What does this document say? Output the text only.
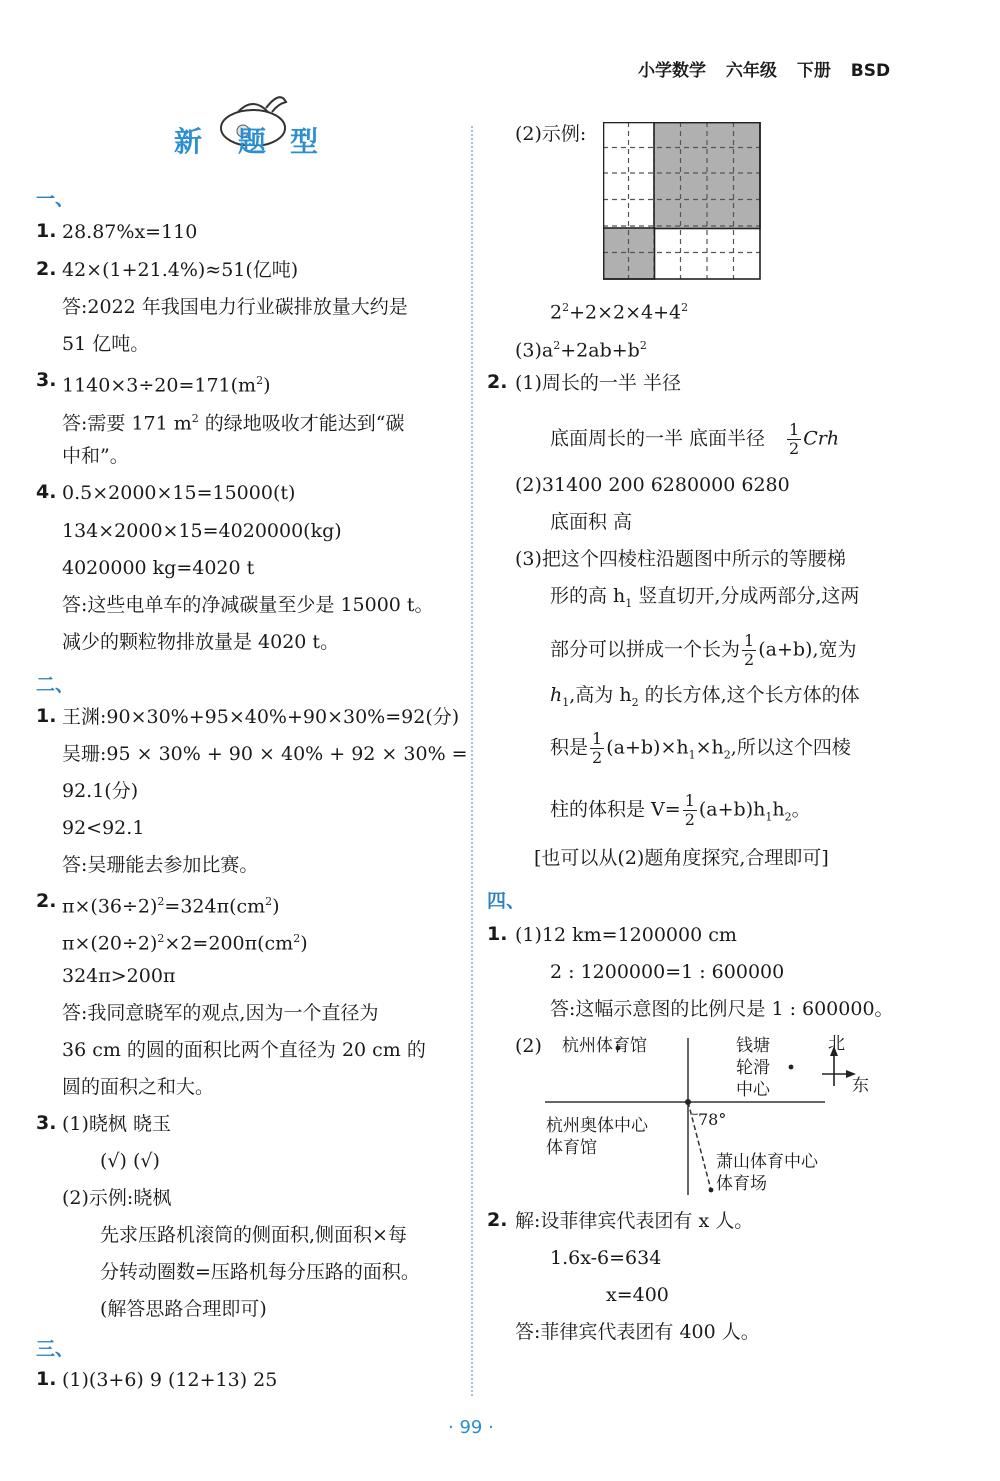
小学数学 六年级 下册 BSD
新 题 型
一、
1. 28.87%x=110
2. 42×(1+21.4%)≈51(亿吨)
答:2022 年我国电力行业碳排放量大约是
51 亿吨。
3. $1140\times 3\div 20=171(m^2)$
答:需要 171 $m^2$ 的绿地吸收才能达到“碳
中和”。
4. 0.5×2000×15=15000(t)
134×2000×15=4020000(kg)
4020000 kg=4020 t
答:这些电单车的净减碳量至少是 15000 t。
减少的颗粒物排放量是 4020 t。
二、
1. 王渊:90×30%+95×40%+90×30%=92(分)
吴珊:95 × 30% + 90 × 40% + 92 × 30% =
92.1(分)
92<92.1
答:吴珊能去参加比赛。
2. $\pi\times(36\div 2)^2=324\pi(cm^2)$
$\pi\times(20\div 2)^2\times 2=200\pi(cm^2)$
324π>200π
答:我同意晓军的观点,因为一个直径为
36 cm 的圆的面积比两个直径为 20 cm 的
圆的面积之和大。
3. (1)晓枫 晓玉
(√) (√)
(2)示例:晓枫
先求压路机滚筒的侧面积,侧面积×每
分转动圈数=压路机每分压路的面积。
(解答思路合理即可)
三、
1. (1)(3+6) 9 (12+13) 25
(2)示例:
$2^2+2\times 2\times 4+4^2$
$(3)a^2+2ab+b^2$
2. (1)周长的一半 半径
底面周长的一半 底面半径 $\frac{1}{2}$ Crh
(2)31400 200 6280000 6280
底面积 高
(3)把这个四棱柱沿题图中所示的等腰梯
形的高 $h_1$ 竖直切开,分成两部分,这两
部分可以拼成一个长为 $\frac{1}{2} (a+b)$,宽为
$h_1$,高为 $h_2$ 的长方体,这个长方体的体
积是 $\frac{1}{2} (a+b)\times h_1\times h_2$,所以这个四棱
柱的体积是 $V= \frac{1}{2} (a+b)h_1h_2$。
[也可以从(2)题角度探究,合理即可]
四、
1. (1)12 km=1200000 cm
2 : 1200000=1 : 600000
答:这幅示意图的比例尺是 1 : 600000。
(2) 杭州体育馆	钱塘
轮滑
中心
北
东
杭州奥体中心
体育馆
78°
萧山体育中心
体育场
2. 解:设菲律宾代表团有 x 人。
1.6x-6=634
x=400
答:菲律宾代表团有 400 人。
· 99 ·
